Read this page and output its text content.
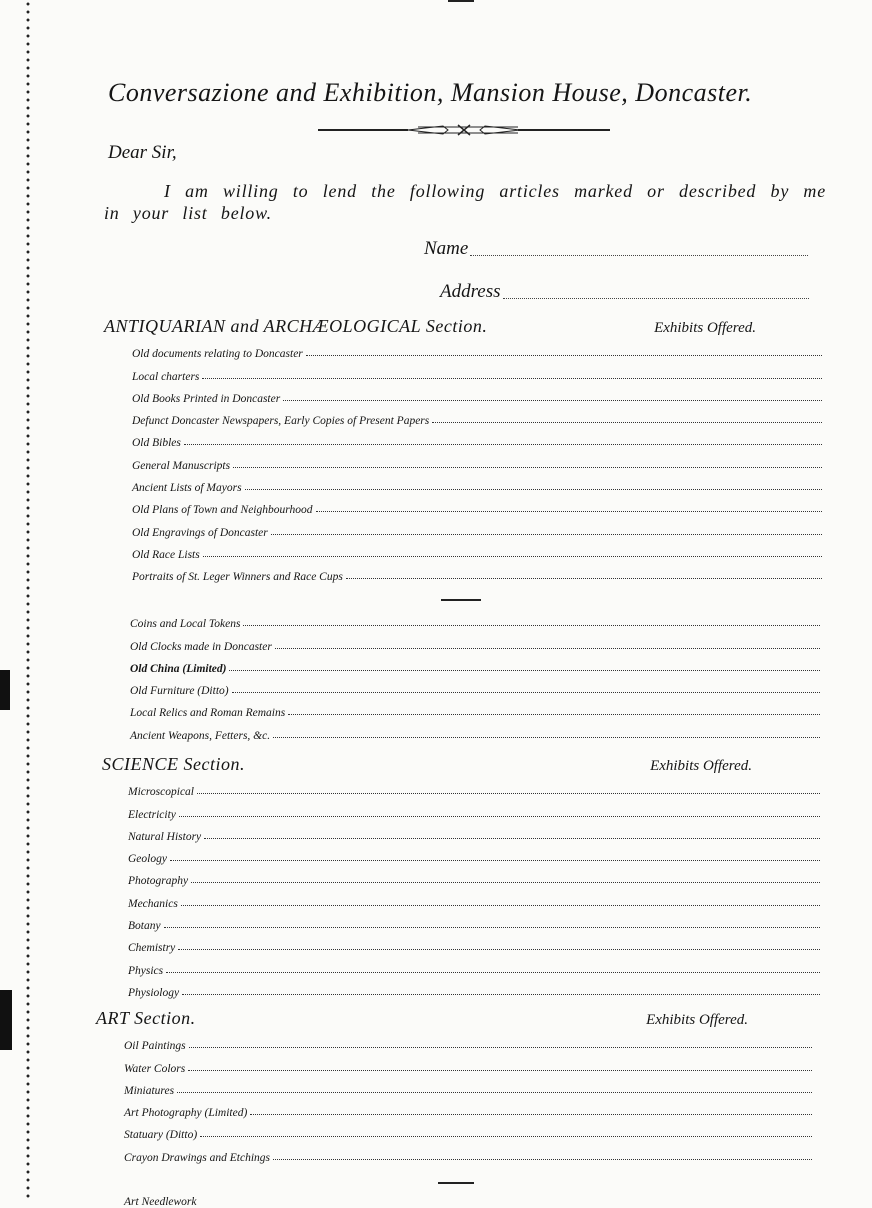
Conversazione and Exhibition, Mansion House, Doncaster.
Dear Sir,
I am willing to lend the following articles marked or described by me in your list below.
Name
Address
ANTIQUARIAN and ARCHÆOLOGICAL Section.	Exhibits Offered.
Old documents relating to Doncaster
Local charters
Old Books Printed in Doncaster
Defunct Doncaster Newspapers, Early Copies of Present Papers
Old Bibles
General Manuscripts
Ancient Lists of Mayors
Old Plans of Town and Neighbourhood
Old Engravings of Doncaster
Old Race Lists
Portraits of St. Leger Winners and Race Cups
Coins and Local Tokens
Old Clocks made in Doncaster
Old China (Limited)
Old Furniture (Ditto)
Local Relics and Roman Remains
Ancient Weapons, Fetters, &c.
SCIENCE Section.	Exhibits Offered.
Microscopical
Electricity
Natural History
Geology
Photography
Mechanics
Botany
Chemistry
Physics
Physiology
ART Section.	Exhibits Offered.
Oil Paintings
Water Colors
Miniatures
Art Photography (Limited)
Statuary (Ditto)
Crayon Drawings and Etchings
Art Needlework
